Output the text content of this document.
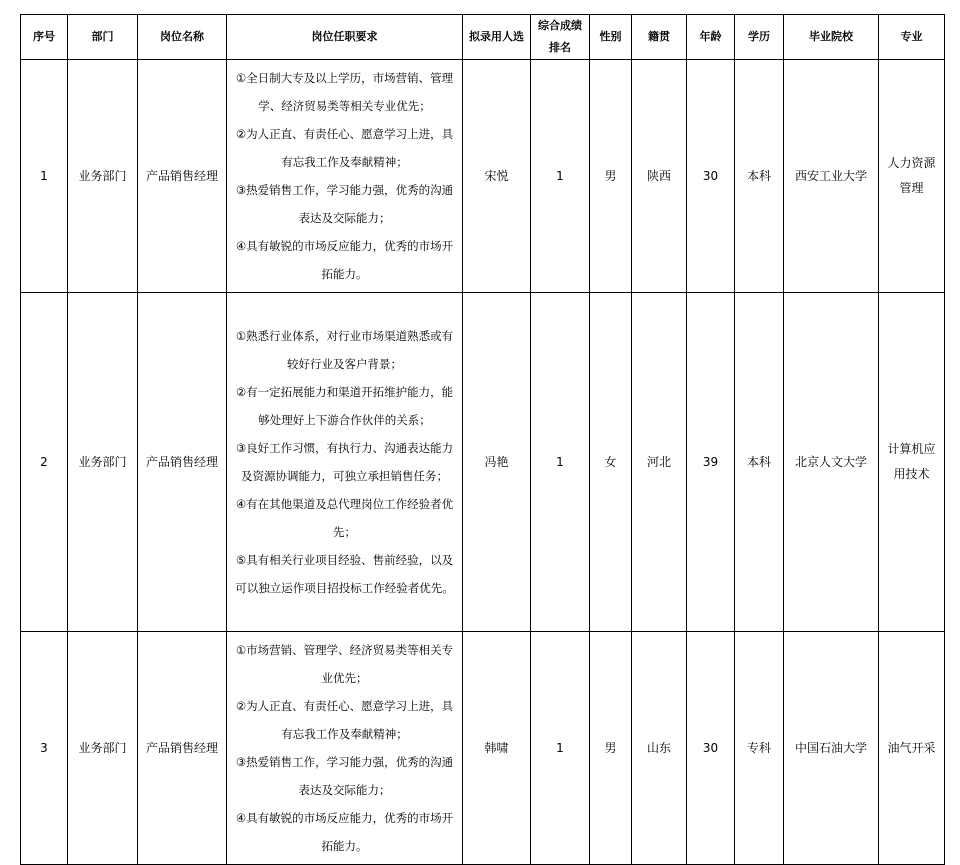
序号	部门	岗位名称	岗位任职要求	拟录用人选	综合成绩排名	性别	籍贯	年龄	学历	毕业院校	专业
1	业务部门	产品销售经理	①全日制大专及以上学历，市场营销、管理学、经济贸易类等相关专业优先；
②为人正直、有责任心、愿意学习上进，具有忘我工作及奉献精神；
③热爱销售工作，学习能力强，优秀的沟通表达及交际能力；
④具有敏锐的市场反应能力，优秀的市场开拓能力。	宋悦	1	男	陕西	30	本科	西安工业大学	人力资源管理
2	业务部门	产品销售经理	①熟悉行业体系，对行业市场渠道熟悉或有较好行业及客户背景；
②有一定拓展能力和渠道开拓维护能力，能够处理好上下游合作伙伴的关系；
③良好工作习惯，有执行力、沟通表达能力及资源协调能力，可独立承担销售任务；
④有在其他渠道及总代理岗位工作经验者优先；
⑤具有相关行业项目经验、售前经验，以及可以独立运作项目招投标工作经验者优先。	冯艳	1	女	河北	39	本科	北京人文大学	计算机应用技术
3	业务部门	产品销售经理	①市场营销、管理学、经济贸易类等相关专业优先；
②为人正直、有责任心、愿意学习上进，具有忘我工作及奉献精神；
③热爱销售工作，学习能力强，优秀的沟通表达及交际能力；
④具有敏锐的市场反应能力，优秀的市场开拓能力。	韩啸	1	男	山东	30	专科	中国石油大学	油气开采
